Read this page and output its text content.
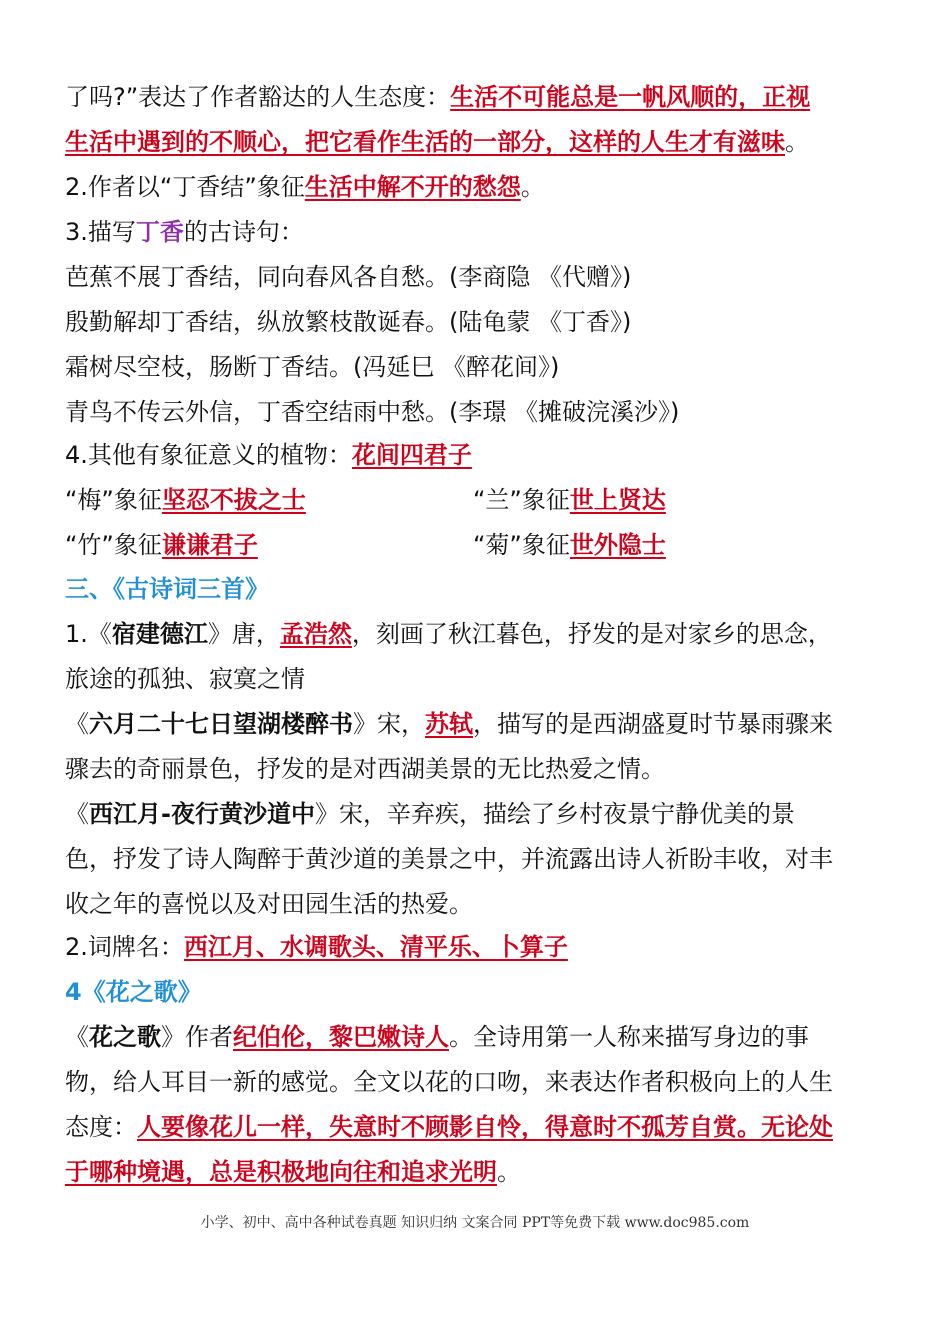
了吗?”表达了作者豁达的人生态度：生活不可能总是一帆风顺的，正视
生活中遇到的不顺心，把它看作生活的一部分，这样的人生才有滋味。
2.作者以“丁香结”象征生活中解不开的愁怨。
3.描写丁香的古诗句：
芭蕉不展丁香结，同向春风各自愁。(李商隐 《代赠》)
殷勤解却丁香结，纵放繁枝散诞春。(陆龟蒙 《丁香》)
霜树尽空枝，肠断丁香结。(冯延巳 《醉花间》)
青鸟不传云外信，丁香空结雨中愁。(李璟 《摊破浣溪沙》)
4.其他有象征意义的植物：花间四君子
“梅”象征坚忍不拔之士	“兰”象征世上贤达
“竹”象征谦谦君子	“菊”象征世外隐士
三、《古诗词三首》
1.《宿建德江》唐，孟浩然，刻画了秋江暮色，抒发的是对家乡的思念，
旅途的孤独、寂寞之情
《六月二十七日望湖楼醉书》宋，苏轼，描写的是西湖盛夏时节暴雨骤来
骤去的奇丽景色，抒发的是对西湖美景的无比热爱之情。
《西江月-夜行黄沙道中》宋，辛弃疾，描绘了乡村夜景宁静优美的景
色，抒发了诗人陶醉于黄沙道的美景之中，并流露出诗人祈盼丰收，对丰
收之年的喜悦以及对田园生活的热爱。
2.词牌名：西江月、水调歌头、清平乐、卜算子
4《花之歌》
《花之歌》作者纪伯伦，黎巴嫩诗人。全诗用第一人称来描写身边的事
物，给人耳目一新的感觉。全文以花的口吻，来表达作者积极向上的人生
态度：人要像花儿一样，失意时不顾影自怜，得意时不孤芳自赏。无论处
于哪种境遇，总是积极地向往和追求光明。
小学、初中、高中各种试卷真题 知识归纳 文案合同 PPT等免费下载 www.doc985.com
